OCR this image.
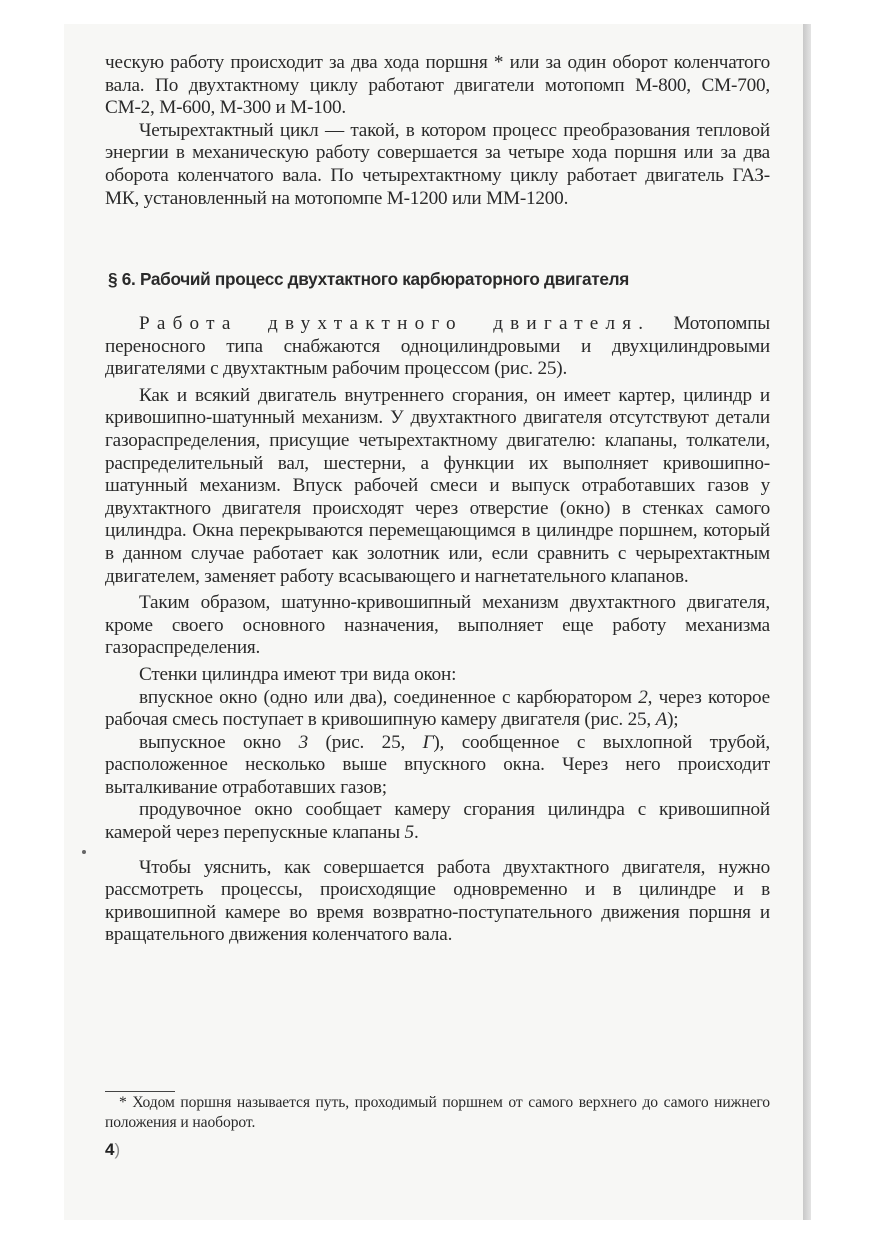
ческую работу происходит за два хода поршня * или за один оборот коленчатого вала. По двухтактному циклу работают двигатели мотопомп М-800, СМ-700, СМ-2, М-600, М-300 и М-100.

Четырехтактный цикл — такой, в котором процесс преобразования тепловой энергии в механическую работу совершается за четыре хода поршня или за два оборота коленчатого вала. По четырехтактному циклу работает двигатель ГАЗ-МК, установленный на мотопомпе М-1200 или ММ-1200.

§ 6. Рабочий процесс двухтактного карбюраторного двигателя

Работа двухтактного двигателя. Мотопомпы переносного типа снабжаются одноцилиндровыми и двухцилиндровыми двигателями с двухтактным рабочим процессом (рис. 25).

Как и всякий двигатель внутреннего сгорания, он имеет картер, цилиндр и кривошипно-шатунный механизм. У двухтактного двигателя отсутствуют детали газораспределения, присущие четырехтактному двигателю: клапаны, толкатели, распределительный вал, шестерни, а функции их выполняет кривошипно-шатунный механизм. Впуск рабочей смеси и выпуск отработавших газов у двухтактного двигателя происходят через отверстие (окно) в стенках самого цилиндра. Окна перекрываются перемещающимся в цилиндре поршнем, который в данном случае работает как золотник или, если сравнить с черырехтактным двигателем, заменяет работу всасывающего и нагнетательного клапанов.

Таким образом, шатунно-кривошипный механизм двухтактного двигателя, кроме своего основного назначения, выполняет еще работу механизма газораспределения.

Стенки цилиндра имеют три вида окон:

впускное окно (одно или два), соединенное с карбюратором 2, через которое рабочая смесь поступает в кривошипную камеру двигателя (рис. 25, А);

выпускное окно 3 (рис. 25, Г), сообщенное с выхлопной трубой, расположенное несколько выше впускного окна. Через него происходит выталкивание отработавших газов;

продувочное окно сообщает камеру сгорания цилиндра с кривошипной камерой через перепускные клапаны 5.

Чтобы уяснить, как совершается работа двухтактного двигателя, нужно рассмотреть процессы, происходящие одновременно и в цилиндре и в кривошипной камере во время возвратно-поступательного движения поршня и вращательного движения коленчатого вала.

* Ходом поршня называется путь, проходимый поршнем от самого верхнего до самого нижнего положения и наоборот.

4)
